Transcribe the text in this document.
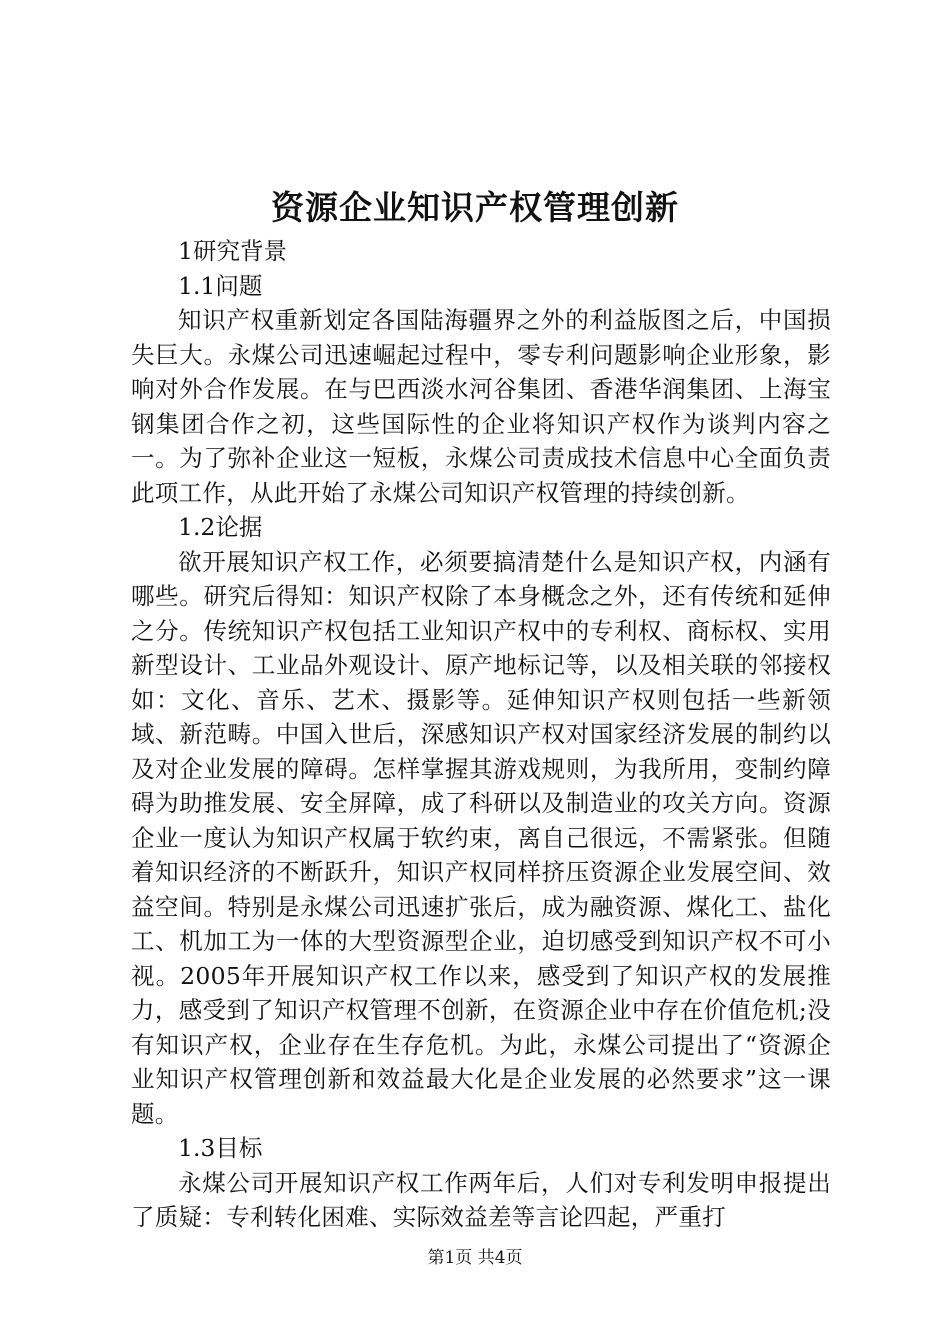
资源企业知识产权管理创新

1研究背景

1.1问题

知识产权重新划定各国陆海疆界之外的利益版图之后，中国损失巨大。永煤公司迅速崛起过程中，零专利问题影响企业形象，影响对外合作发展。在与巴西淡水河谷集团、香港华润集团、上海宝钢集团合作之初，这些国际性的企业将知识产权作为谈判内容之一。为了弥补企业这一短板，永煤公司责成技术信息中心全面负责此项工作，从此开始了永煤公司知识产权管理的持续创新。

1.2论据

欲开展知识产权工作，必须要搞清楚什么是知识产权，内涵有哪些。研究后得知：知识产权除了本身概念之外，还有传统和延伸之分。传统知识产权包括工业知识产权中的专利权、商标权、实用新型设计、工业品外观设计、原产地标记等，以及相关联的邻接权如：文化、音乐、艺术、摄影等。延伸知识产权则包括一些新领域、新范畴。中国入世后，深感知识产权对国家经济发展的制约以及对企业发展的障碍。怎样掌握其游戏规则，为我所用，变制约障碍为助推发展、安全屏障，成了科研以及制造业的攻关方向。资源企业一度认为知识产权属于软约束，离自己很远，不需紧张。但随着知识经济的不断跃升，知识产权同样挤压资源企业发展空间、效益空间。特别是永煤公司迅速扩张后，成为融资源、煤化工、盐化工、机加工为一体的大型资源型企业，迫切感受到知识产权不可小视。2005年开展知识产权工作以来，感受到了知识产权的发展推力，感受到了知识产权管理不创新，在资源企业中存在价值危机;没有知识产权，企业存在生存危机。为此，永煤公司提出了“资源企业知识产权管理创新和效益最大化是企业发展的必然要求”这一课题。

1.3目标

永煤公司开展知识产权工作两年后，人们对专利发明申报提出了质疑：专利转化困难、实际效益差等言论四起，严重打

第1页 共4页
